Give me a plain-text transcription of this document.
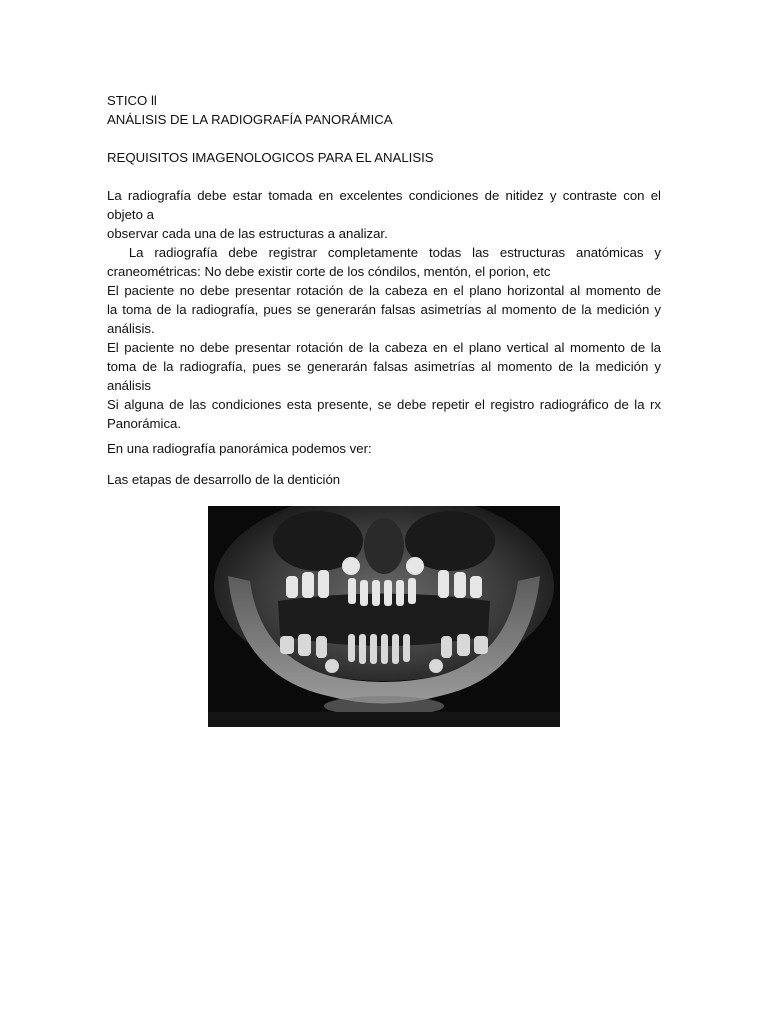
STICO ll
ANÁLISIS DE LA RADIOGRAFÍA PANORÁMICA
REQUISITOS IMAGENOLOGICOS PARA EL ANALISIS
La radiografía debe estar tomada en excelentes condiciones de nitidez y contraste con el
objeto a
observar cada una de las estructuras a analizar.
La radiografía debe registrar completamente todas las estructuras anatómicas y
craneométricas: No debe existir corte de los cóndilos, mentón, el porion, etc
El paciente no debe presentar rotación de la cabeza en el plano horizontal al momento de
la toma de la radiografía, pues se generarán falsas asimetrías al momento de la medición y
análisis.
El paciente no debe presentar rotación de la cabeza en el plano vertical al momento de la
toma de la radiografía, pues se generarán falsas asimetrías al momento de la medición y
análisis
Si alguna de las condiciones esta presente, se debe repetir el registro radiográfico de la rx
Panorámica.
En una radiografía panorámica podemos ver:
Las etapas de desarrollo de la dentición
